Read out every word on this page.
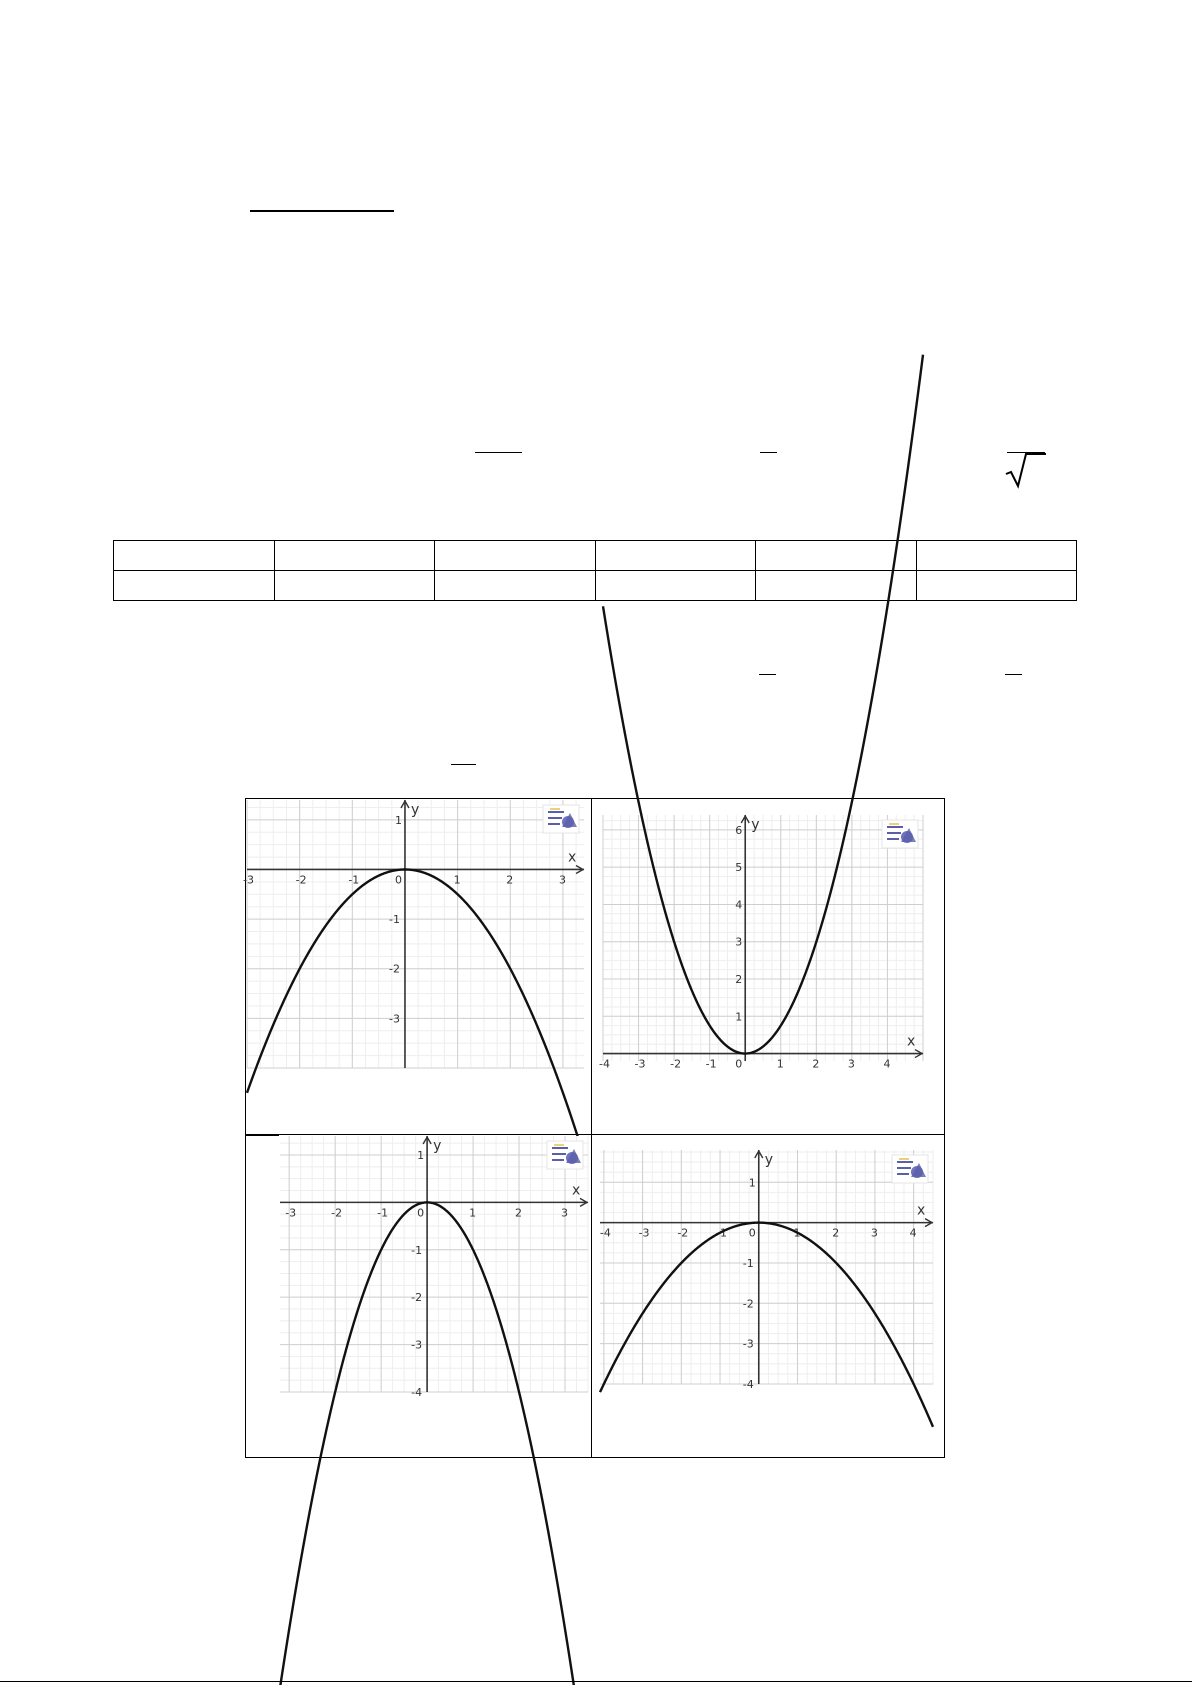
x
y
-3	-2	-1	0	1	2	3
1
-1
-2
-3
x
y
-4 -3 -2 -1 0	1	2	3	4
1
2
3
4
5
6
x
y
-3	-2	-1	0	1	2	3
1
-1
-2
-3
-4
x
y
-4	-3	-2	-1 0	1	2	3	4
1
-1
-2
-3
-4
